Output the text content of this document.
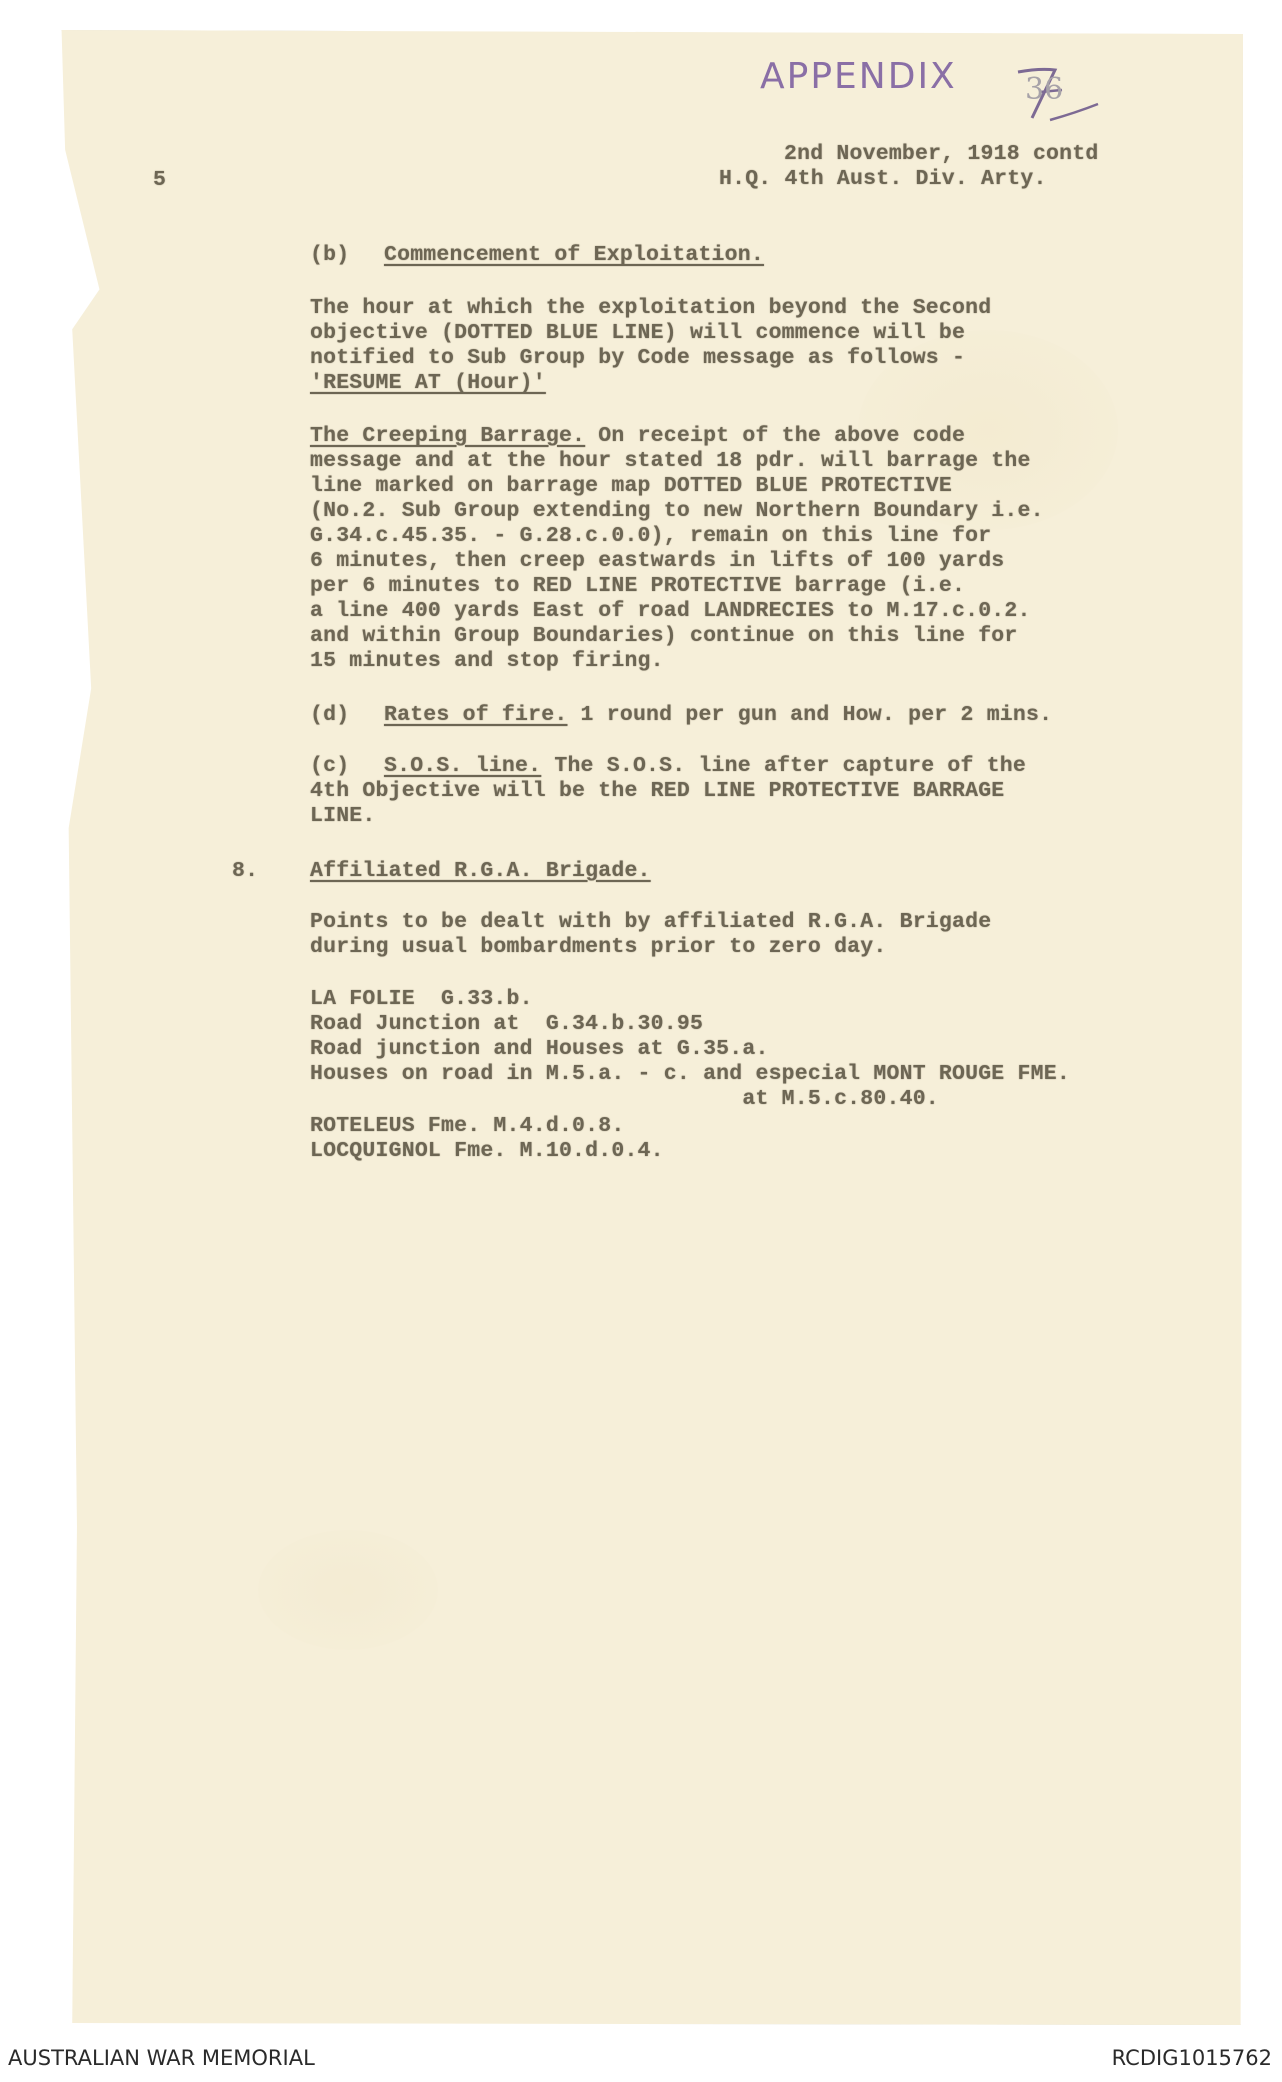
APPENDIX 36
5
2nd November, 1918 contd
H.Q. 4th Aust. Div. Arty.
(b) Commencement of Exploitation.
The hour at which the exploitation beyond the Second
objective (DOTTED BLUE LINE) will commence will be
notified to Sub Group by Code message as follows -
'RESUME AT (Hour)'
The Creeping Barrage. On receipt of the above code
message and at the hour stated 18 pdr. will barrage the
line marked on barrage map DOTTED BLUE PROTECTIVE
(No.2. Sub Group extending to new Northern Boundary i.e.
G.34.c.45.35. - G.28.c.0.0), remain on this line for
6 minutes, then creep eastwards in lifts of 100 yards
per 6 minutes to RED LINE PROTECTIVE barrage (i.e.
a line 400 yards East of road LANDRECIES to M.17.c.0.2.
and within Group Boundaries) continue on this line for
15 minutes and stop firing.
(d) Rates of fire. 1 round per gun and How. per 2 mins.
(c) S.O.S. line. The S.O.S. line after capture of the
4th Objective will be the RED LINE PROTECTIVE BARRAGE
LINE.
8. Affiliated R.G.A. Brigade.
Points to be dealt with by affiliated R.G.A. Brigade
during usual bombardments prior to zero day.
LA FOLIE  G.33.b.
Road Junction at  G.34.b.30.95
Road junction and Houses at G.35.a.
Houses on road in M.5.a. - c. and especial MONT ROUGE FME.
at M.5.c.80.40.
ROTELEUS Fme. M.4.d.0.8.
LOCQUIGNOL Fme. M.10.d.0.4.
AUSTRALIAN WAR MEMORIAL	RCDIG1015762
